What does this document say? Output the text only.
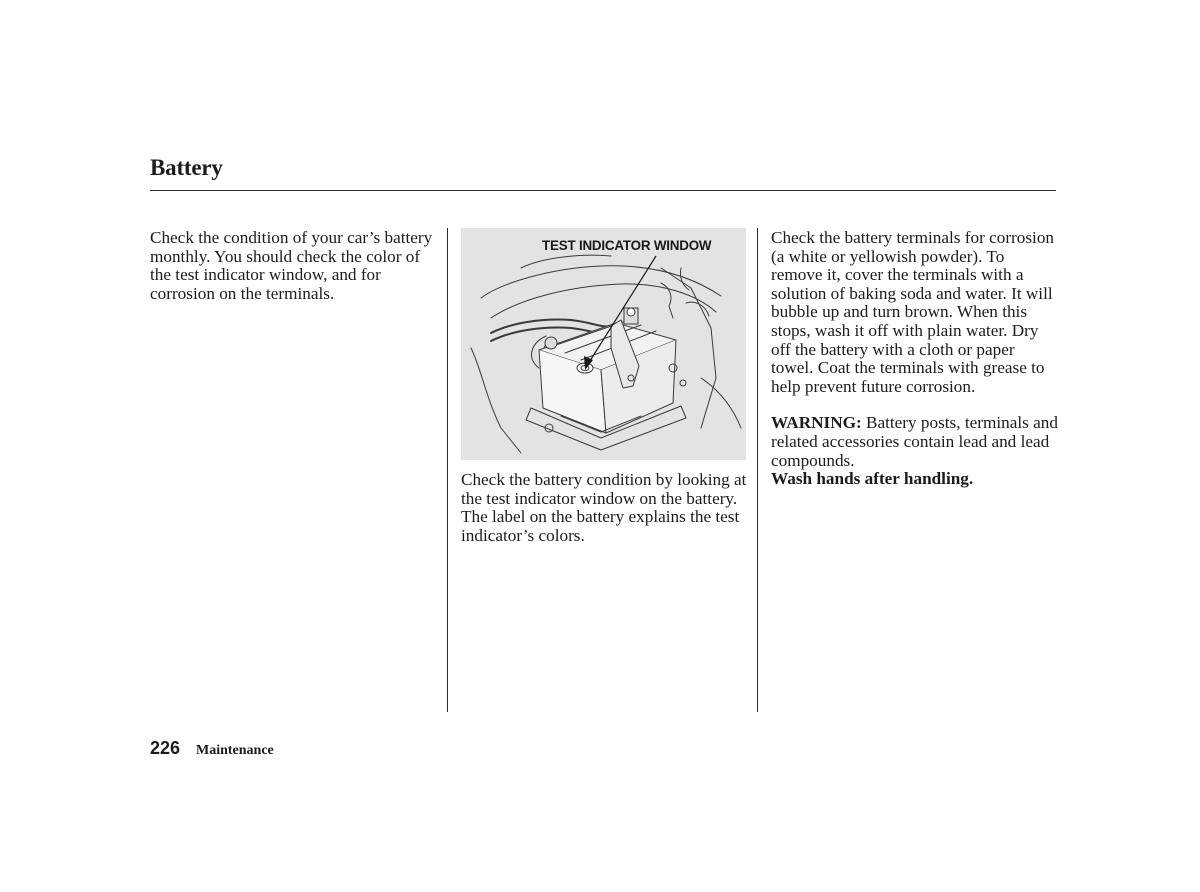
Battery

Check the condition of your car’s battery monthly. You should check the color of the test indicator window, and for corrosion on the terminals.

TEST INDICATOR WINDOW

Check the battery condition by looking at the test indicator window on the battery.

The label on the battery explains the test indicator’s colors.

Check the battery terminals for corrosion (a white or yellowish powder). To remove it, cover the terminals with a solution of baking soda and water. It will bubble up and turn brown. When this stops, wash it off with plain water. Dry off the battery with a cloth or paper towel. Coat the terminals with grease to help prevent future corrosion.

WARNING: Battery posts, terminals and related accessories contain lead and lead compounds.
Wash hands after handling.

226 Maintenance
